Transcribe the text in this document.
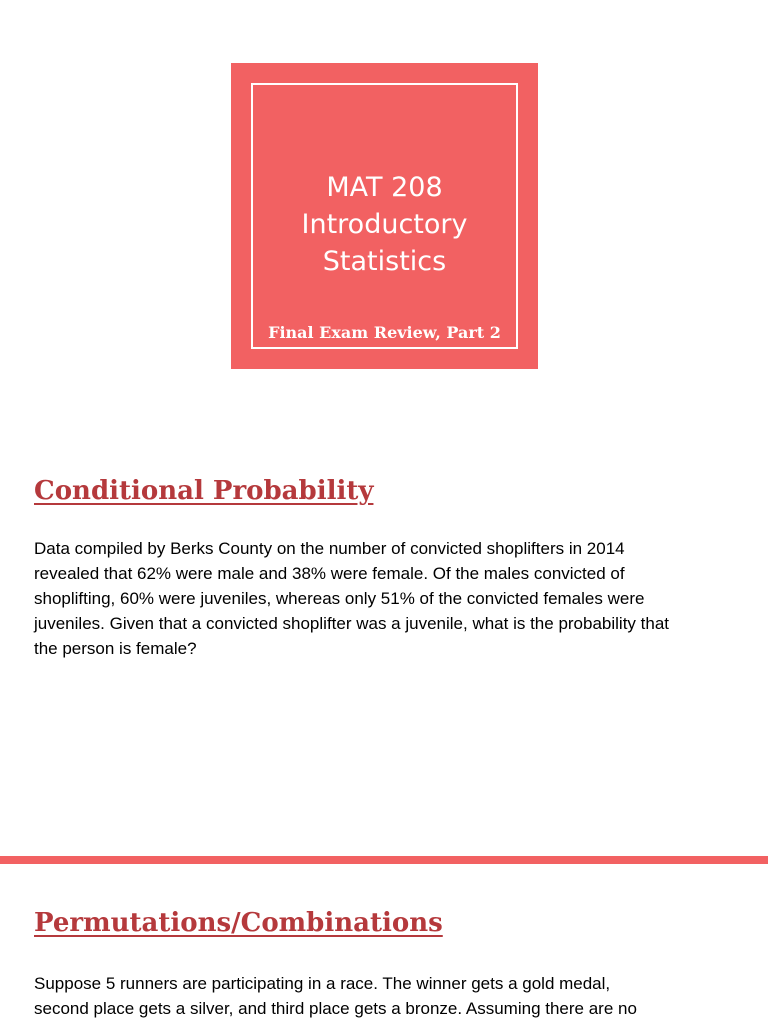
MAT 208
Introductory
Statistics
Final Exam Review, Part 2
Conditional Probability

Data compiled by Berks County on the number of convicted shoplifters in 2014
revealed that 62% were male and 38% were female. Of the males convicted of
shoplifting, 60% were juveniles, whereas only 51% of the convicted females were
juveniles. Given that a convicted shoplifter was a juvenile, what is the probability that
the person is female?

Permutations/Combinations

Suppose 5 runners are participating in a race. The winner gets a gold medal,
second place gets a silver, and third place gets a bronze. Assuming there are no
